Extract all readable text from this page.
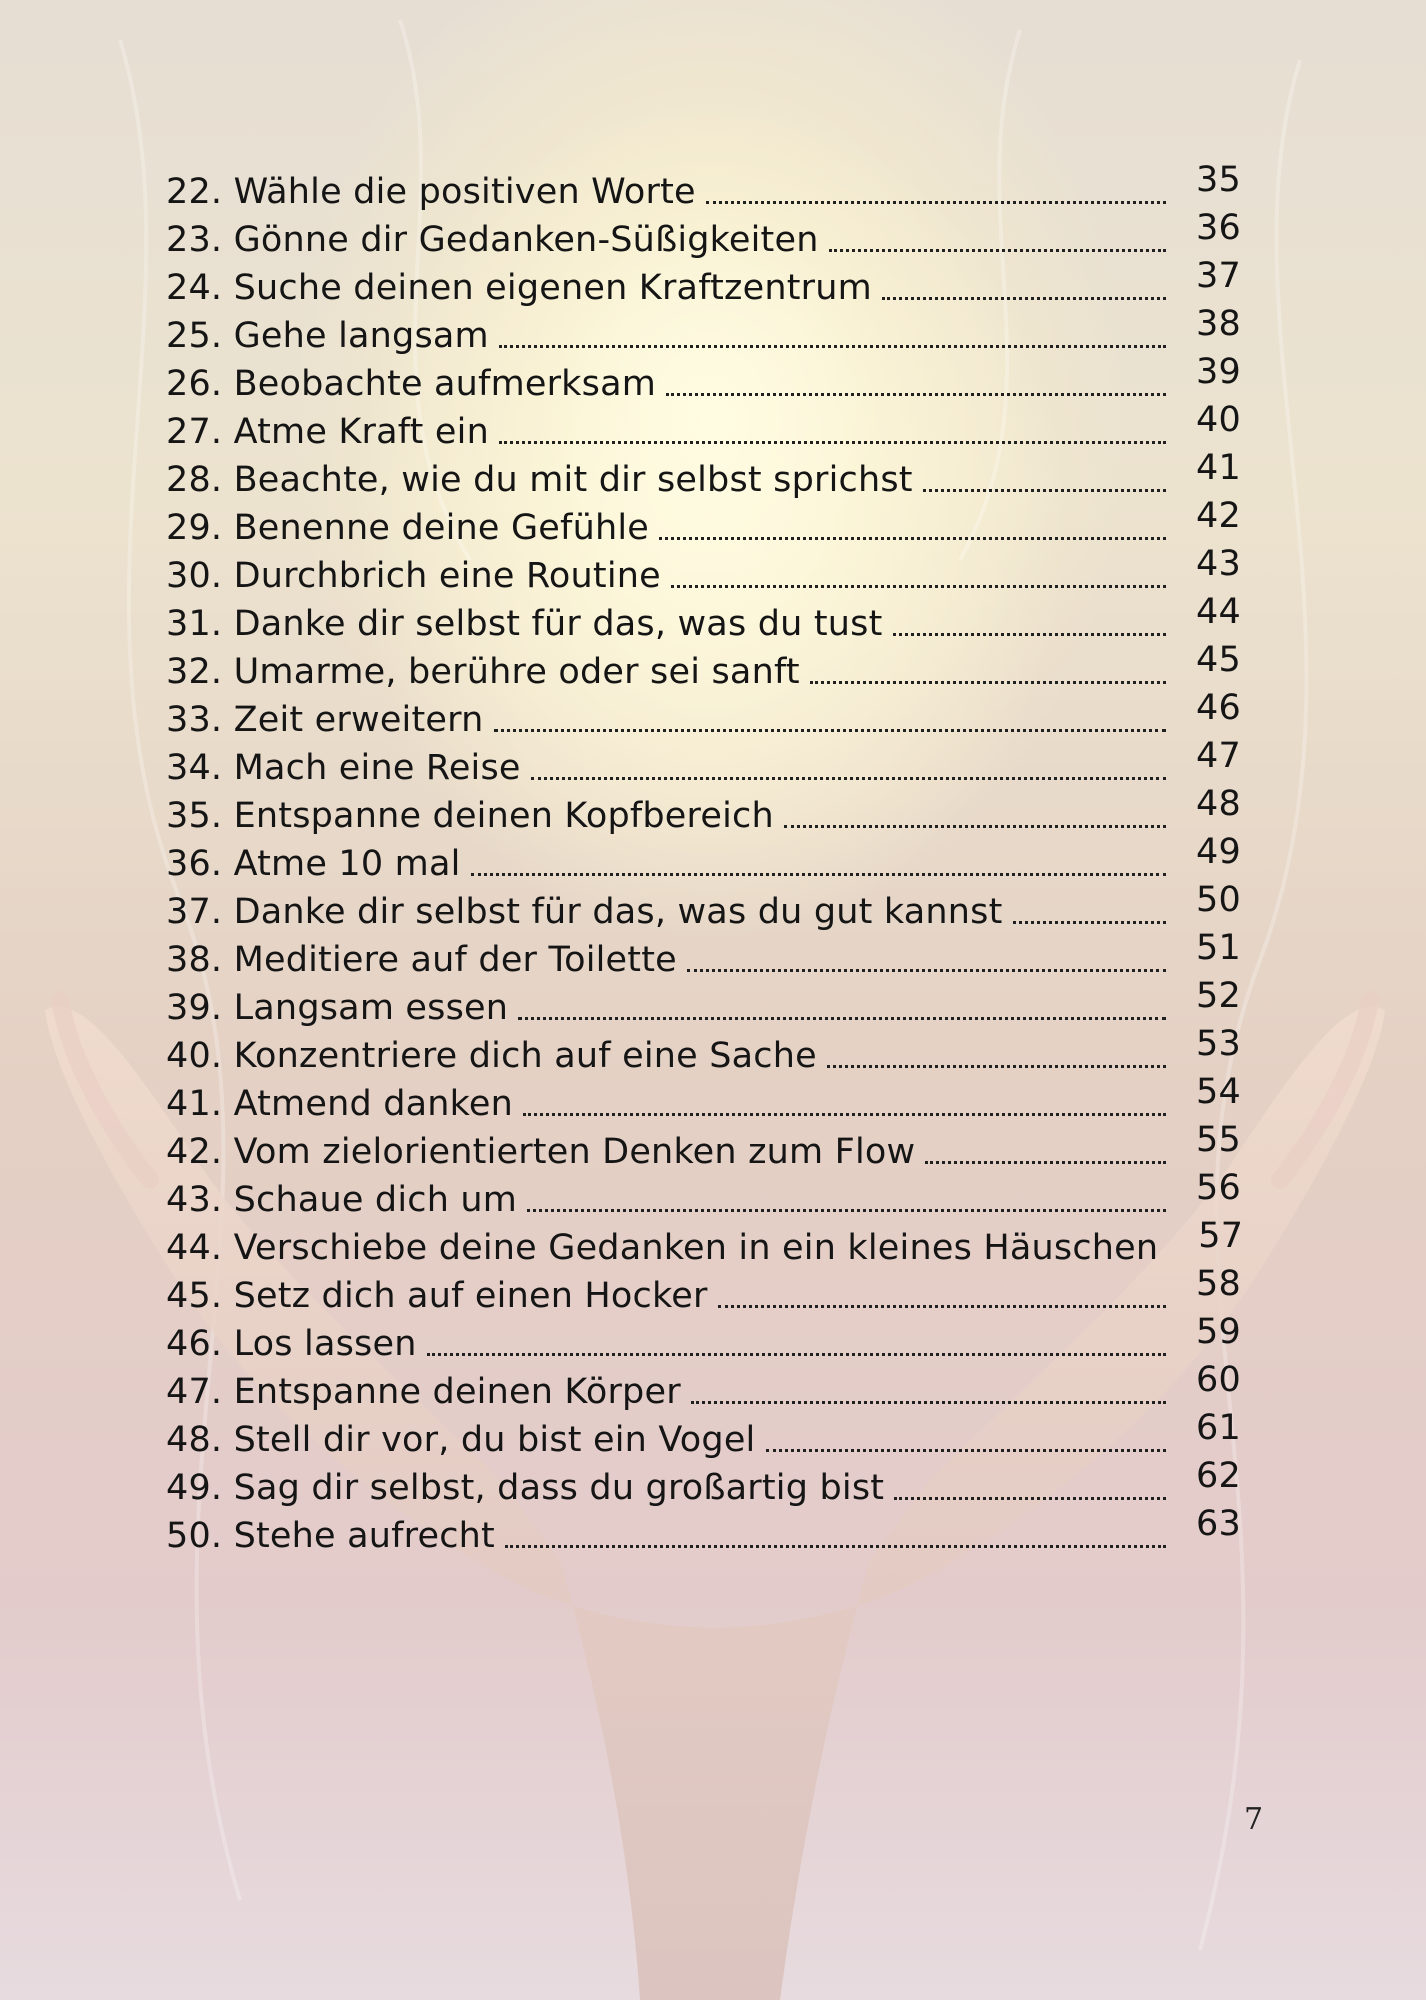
22. Wähle die positiven Worte	35
23. Gönne dir Gedanken-Süßigkeiten	36
24. Suche deinen eigenen Kraftzentrum	37
25. Gehe langsam	38
26. Beobachte aufmerksam	39
27. Atme Kraft ein	40
28. Beachte, wie du mit dir selbst sprichst	41
29. Benenne deine Gefühle	42
30. Durchbrich eine Routine	43
31. Danke dir selbst für das, was du tust	44
32. Umarme, berühre oder sei sanft	45
33. Zeit erweitern	46
34. Mach eine Reise	47
35. Entspanne deinen Kopfbereich	48
36. Atme 10 mal	49
37. Danke dir selbst für das, was du gut kannst	50
38. Meditiere auf der Toilette	51
39. Langsam essen	52
40. Konzentriere dich auf eine Sache	53
41. Atmend danken	54
42. Vom zielorientierten Denken zum Flow	55
43. Schaue dich um	56
44. Verschiebe deine Gedanken in ein kleines Häuschen 57
45. Setz dich auf einen Hocker	58
46. Los lassen	59
47. Entspanne deinen Körper	60
48. Stell dir vor, du bist ein Vogel	61
49. Sag dir selbst, dass du großartig bist	62
50. Stehe aufrecht	63
7
